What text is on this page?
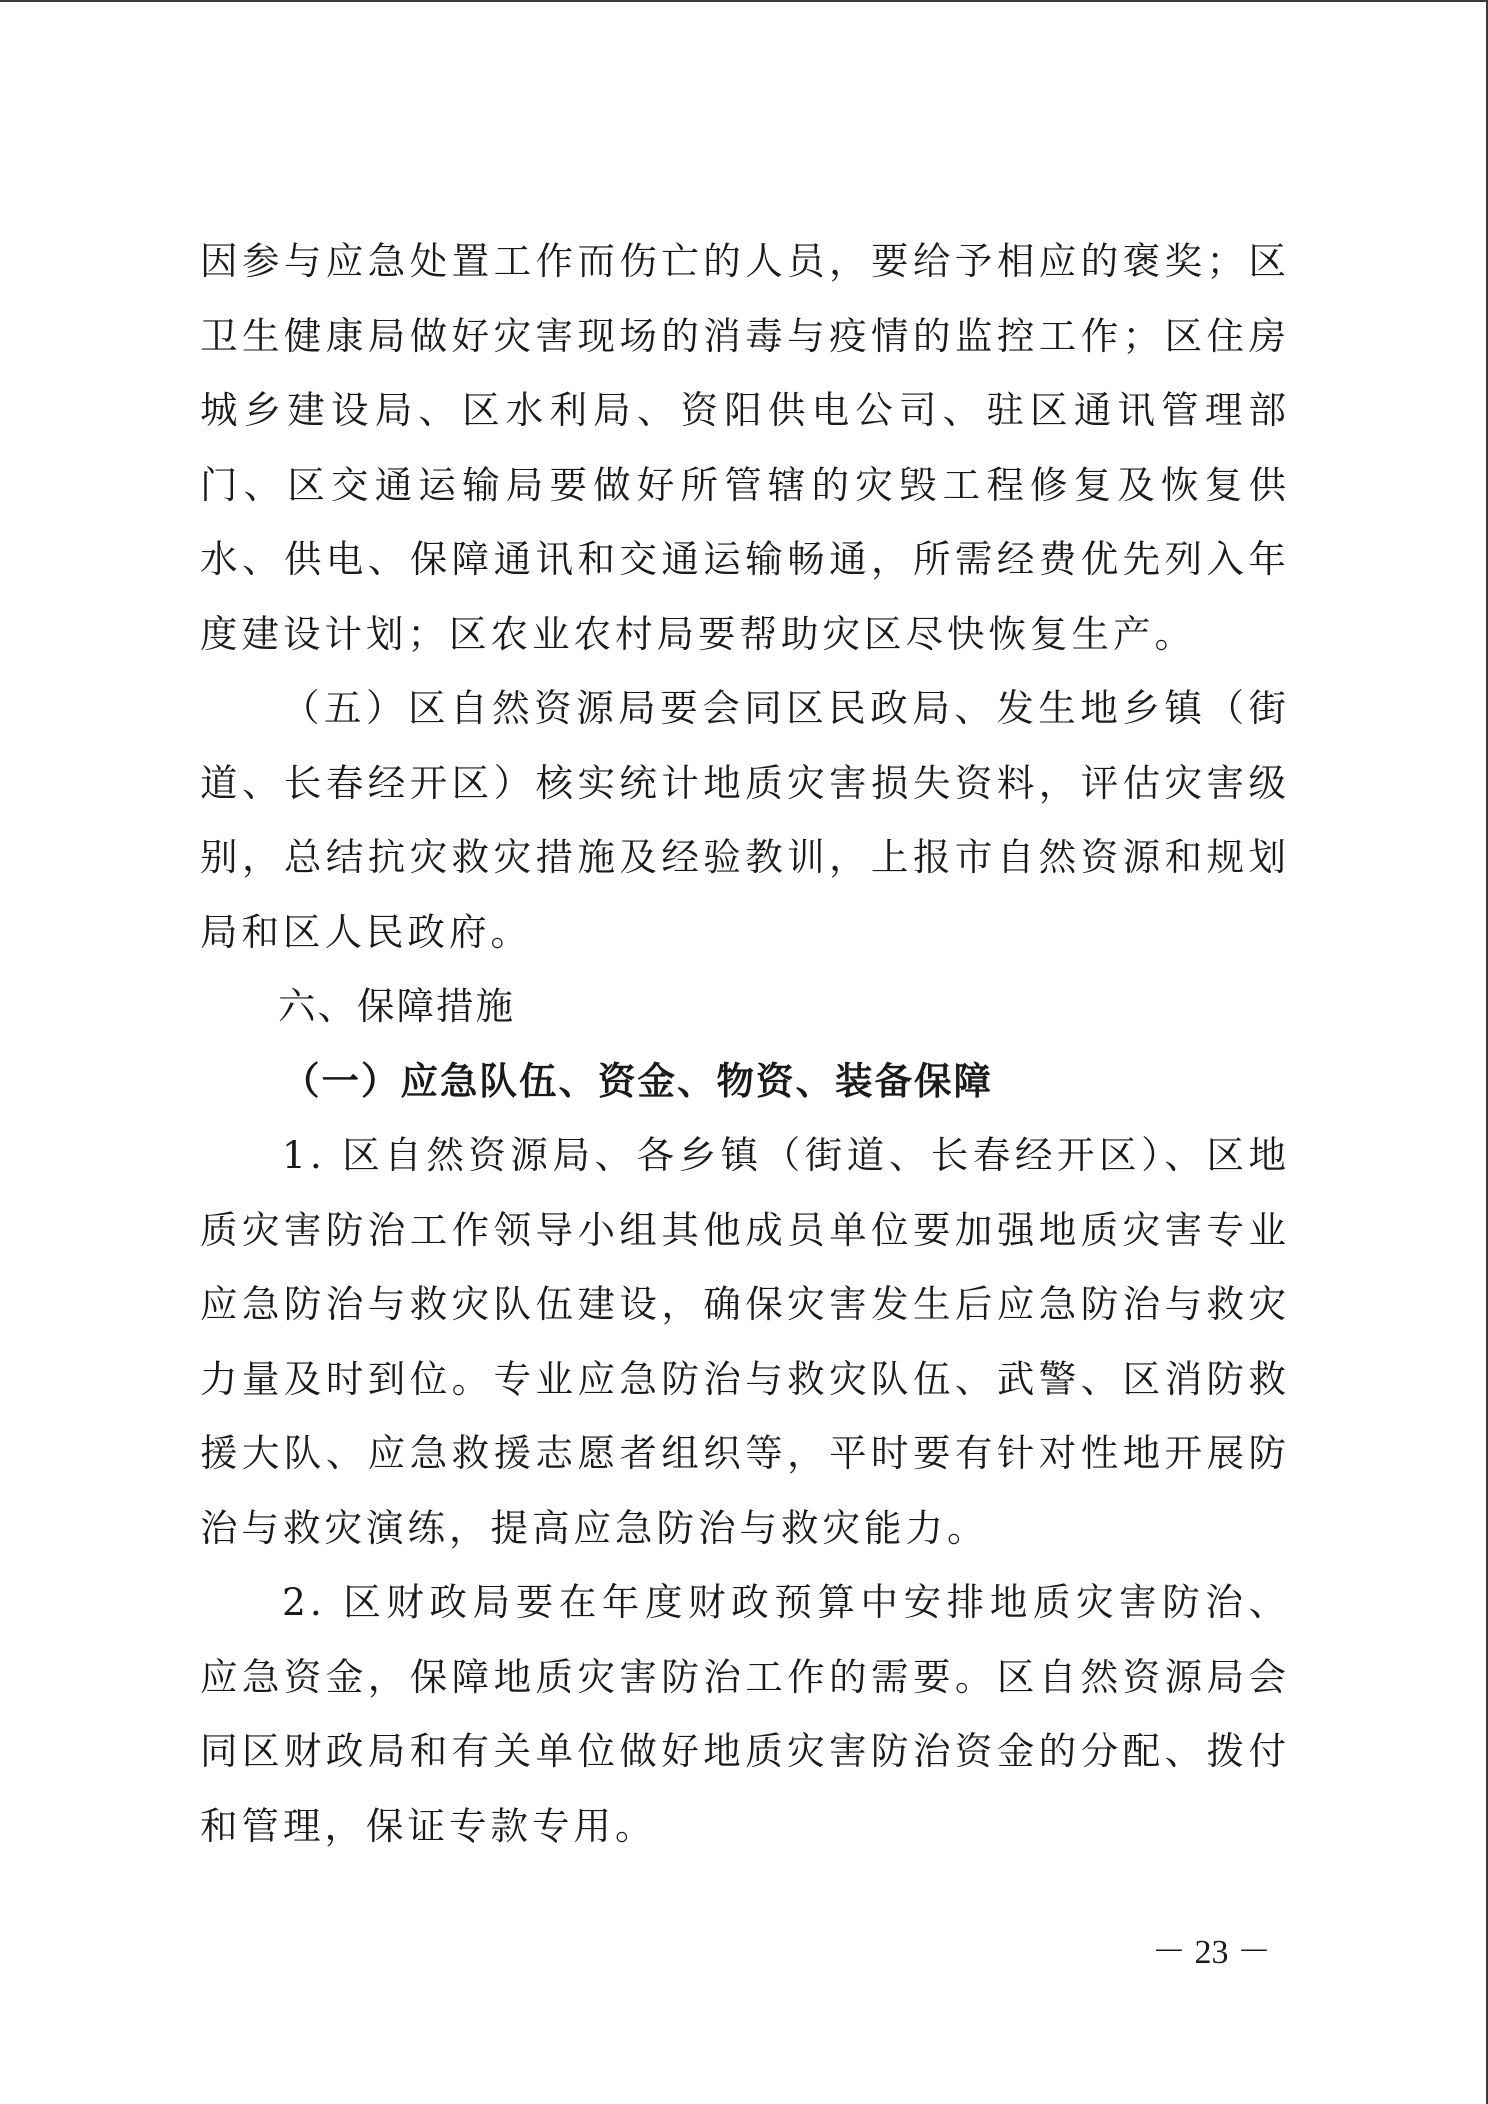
因参与应急处置工作而伤亡的人员，要给予相应的褒奖；区卫生健康局做好灾害现场的消毒与疫情的监控工作；区住房城乡建设局、区水利局、资阳供电公司、驻区通讯管理部门、区交通运输局要做好所管辖的灾毁工程修复及恢复供水、供电、保障通讯和交通运输畅通，所需经费优先列入年度建设计划；区农业农村局要帮助灾区尽快恢复生产。

（五）区自然资源局要会同区民政局、发生地乡镇（街道、长春经开区）核实统计地质灾害损失资料，评估灾害级别，总结抗灾救灾措施及经验教训，上报市自然资源和规划局和区人民政府。

六、保障措施
（一）应急队伍、资金、物资、装备保障

1. 区自然资源局、各乡镇（街道、长春经开区）、区地质灾害防治工作领导小组其他成员单位要加强地质灾害专业应急防治与救灾队伍建设，确保灾害发生后应急防治与救灾力量及时到位。专业应急防治与救灾队伍、武警、区消防救援大队、应急救援志愿者组织等，平时要有针对性地开展防治与救灾演练，提高应急防治与救灾能力。

2. 区财政局要在年度财政预算中安排地质灾害防治、应急资金，保障地质灾害防治工作的需要。区自然资源局会同区财政局和有关单位做好地质灾害防治资金的分配、拨付和管理，保证专款专用。

－ 23 －
